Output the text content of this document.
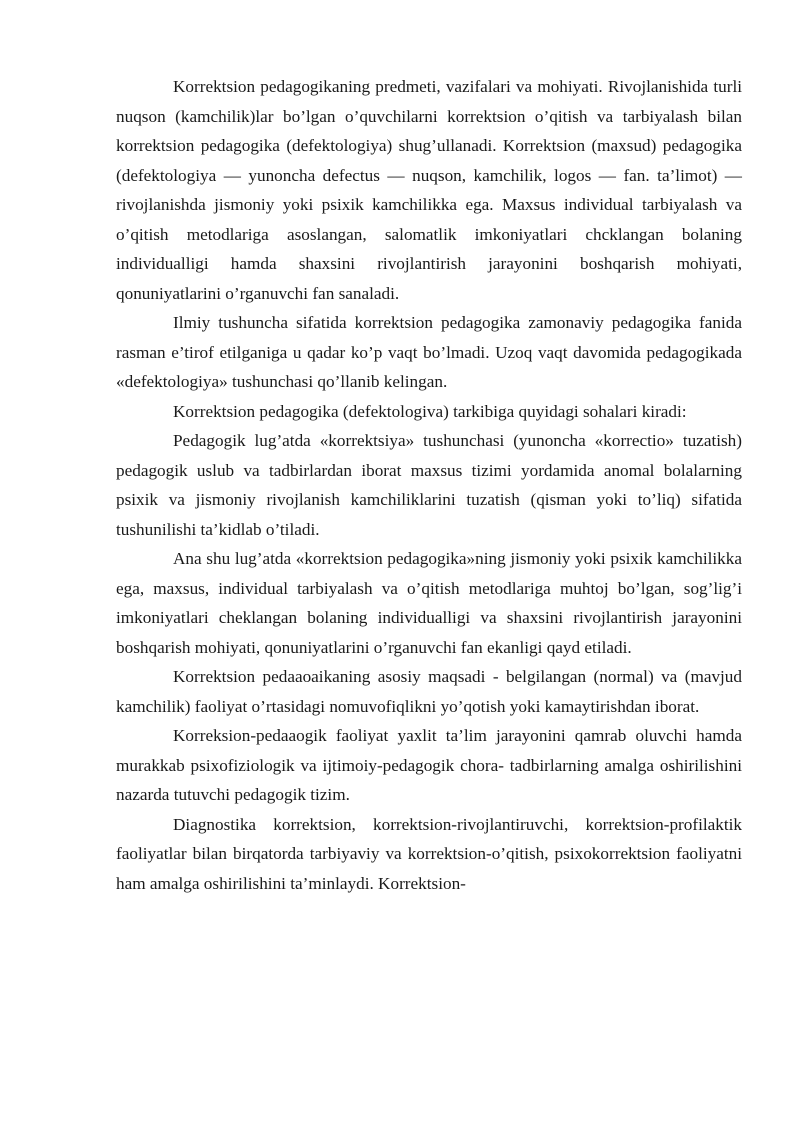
Korrektsion pedagogikaning predmeti, vazifalari va mohiyati. Rivojlanishida turli nuqson (kamchilik)lar bo’lgan o’quvchilarni korrektsion o’qitish va tarbiyalash bilan korrektsion pedagogika (defektologiya) shug’ullanadi. Korrektsion (maxsud) pedagogika (defektologiya — yunoncha defectus — nuqson, kamchilik, logos — fan. ta’limot) — rivojlanishda jismoniy yoki psixik kamchilikka ega. Maxsus individual tarbiyalash va o’qitish metodlariga asoslangan, salomatlik imkoniyatlari chcklangan bolaning individualligi hamda shaxsini rivojlantirish jarayonini boshqarish mohiyati, qonuniyatlarini o’rganuvchi fan sanaladi.

Ilmiy tushuncha sifatida korrektsion pedagogika zamonaviy pedagogika fanida rasman e’tirof etilganiga u qadar ko’p vaqt bo’lmadi. Uzoq vaqt davomida pedagogikada «defektologiya» tushunchasi qo’llanib kelingan.

Korrektsion pedagogika (defektologiva) tarkibiga quyidagi sohalari kiradi:

Pedagogik lug’atda «korrektsiya» tushunchasi (yunoncha «korrectio» tuzatish) pedagogik uslub va tadbirlardan iborat maxsus tizimi yordamida anomal bolalarning psixik va jismoniy rivojlanish kamchiliklarini tuzatish (qisman yoki to’liq) sifatida tushunilishi ta’kidlab o’tiladi.

Ana shu lug’atda «korrektsion pedagogika»ning jismoniy yoki psixik kamchilikka ega, maxsus, individual tarbiyalash va o’qitish metodlariga muhtoj bo’lgan, sog’lig’i imkoniyatlari cheklangan bolaning individualligi va shaxsini rivojlantirish jarayonini boshqarish mohiyati, qonuniyatlarini o’rganuvchi fan ekanligi qayd etiladi.

Korrektsion pedaaoaikaning asosiy maqsadi - belgilangan (normal) va (mavjud kamchilik) faoliyat o’rtasidagi nomuvofiqlikni yo’qotish yoki kamaytirishdan iborat.

Korreksion-pedaaogik faoliyat yaxlit ta’lim jarayonini qamrab oluvchi hamda murakkab psixofiziologik va ijtimoiy-pedagogik chora- tadbirlarning amalga oshirilishini nazarda tutuvchi pedagogik tizim.

Diagnostika korrektsion, korrektsion-rivojlantiruvchi, korrektsion-profilaktik faoliyatlar bilan birqatorda tarbiyaviy va korrektsion-o’qitish, psixokorrektsion faoliyatni ham amalga oshirilishini ta’minlaydi. Korrektsion-
